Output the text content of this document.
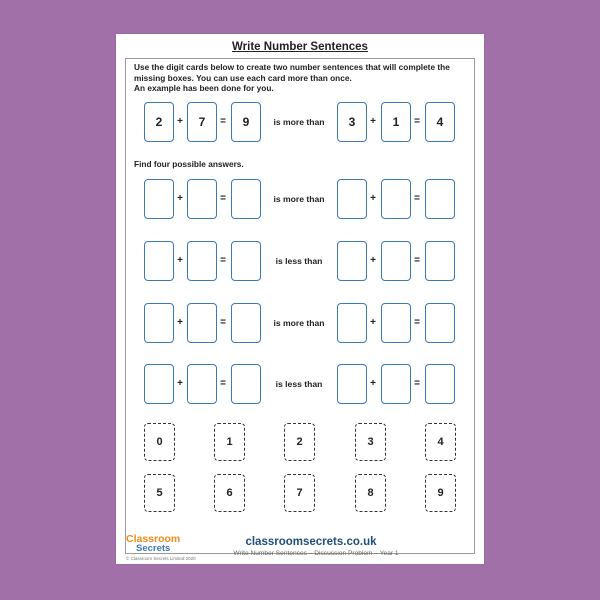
Write Number Sentences
Use the digit cards below to create two number sentences that will complete the
missing boxes. You can use each card more than once.
An example has been done for you.
2	+	7	=	9	is more than	3	+	1	=	4
Find four possible answers.
+	=	is more than	+	=
+	=	is less than	+	=
+	=	is more than	+	=
+	=	is less than	+	=
0	1	2	3	4
5	6	7	8	9
Classroom
Secrets
© Classroom Secrets Limited 2020
classroomsecrets.co.uk
Write Number Sentences – Discussion Problem – Year 1
